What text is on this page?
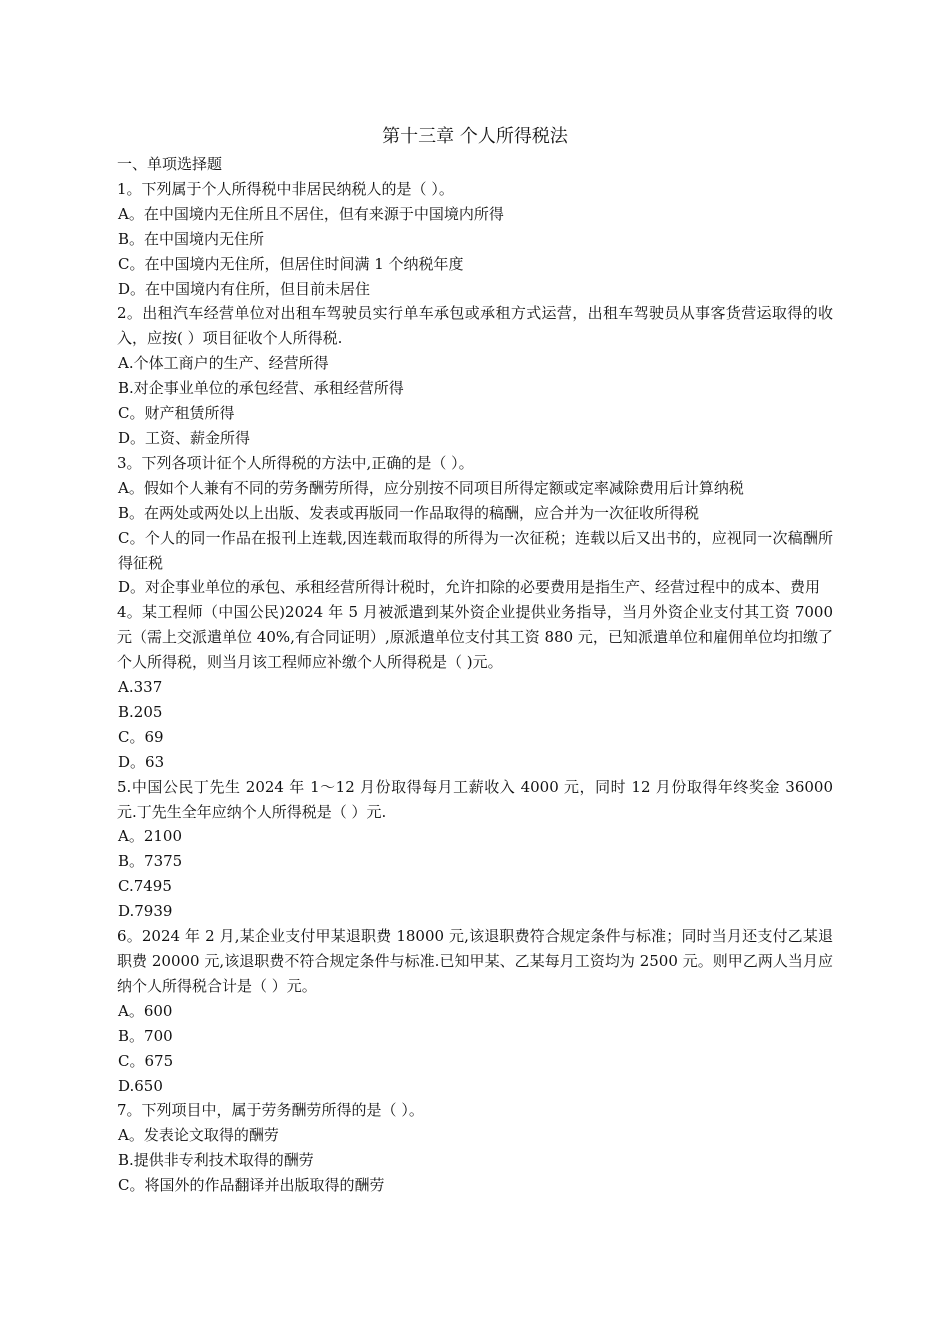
第十三章 个人所得税法
一、单项选择题
1。下列属于个人所得税中非居民纳税人的是（ ）。
A。在中国境内无住所且不居住，但有来源于中国境内所得
B。在中国境内无住所
C。在中国境内无住所，但居住时间满 1 个纳税年度
D。在中国境内有住所，但目前未居住
2。出租汽车经营单位对出租车驾驶员实行单车承包或承租方式运营，出租车驾驶员从事客货营运取得的收入，应按( ）项目征收个人所得税.
A.个体工商户的生产、经营所得
B.对企事业单位的承包经营、承租经营所得
C。财产租赁所得
D。工资、薪金所得
3。下列各项计征个人所得税的方法中,正确的是（ ）。
A。假如个人兼有不同的劳务酬劳所得，应分别按不同项目所得定额或定率减除费用后计算纳税
B。在两处或两处以上出版、发表或再版同一作品取得的稿酬，应合并为一次征收所得税
C。个人的同一作品在报刊上连载,因连载而取得的所得为一次征税；连载以后又出书的，应视同一次稿酬所得征税
D。对企事业单位的承包、承租经营所得计税时，允许扣除的必要费用是指生产、经营过程中的成本、费用
4。某工程师（中国公民)2024 年 5 月被派遣到某外资企业提供业务指导，当月外资企业支付其工资 7000 元（需上交派遣单位 40%,有合同证明）,原派遣单位支付其工资 880 元，已知派遣单位和雇佣单位均扣缴了个人所得税，则当月该工程师应补缴个人所得税是（ )元。
A.337
B.205
C。69
D。63
5.中国公民丁先生 2024 年 1～12 月份取得每月工薪收入 4000 元，同时 12 月份取得年终奖金 36000 元.丁先生全年应纳个人所得税是（ ）元.
A。2100
B。7375
C.7495
D.7939
6。2024 年 2 月,某企业支付甲某退职费 18000 元,该退职费符合规定条件与标准；同时当月还支付乙某退职费 20000 元,该退职费不符合规定条件与标准.已知甲某、乙某每月工资均为 2500 元。则甲乙两人当月应纳个人所得税合计是（ ）元。
A。600
B。700
C。675
D.650
7。下列项目中，属于劳务酬劳所得的是（ ）。
A。发表论文取得的酬劳
B.提供非专利技术取得的酬劳
C。将国外的作品翻译并出版取得的酬劳
